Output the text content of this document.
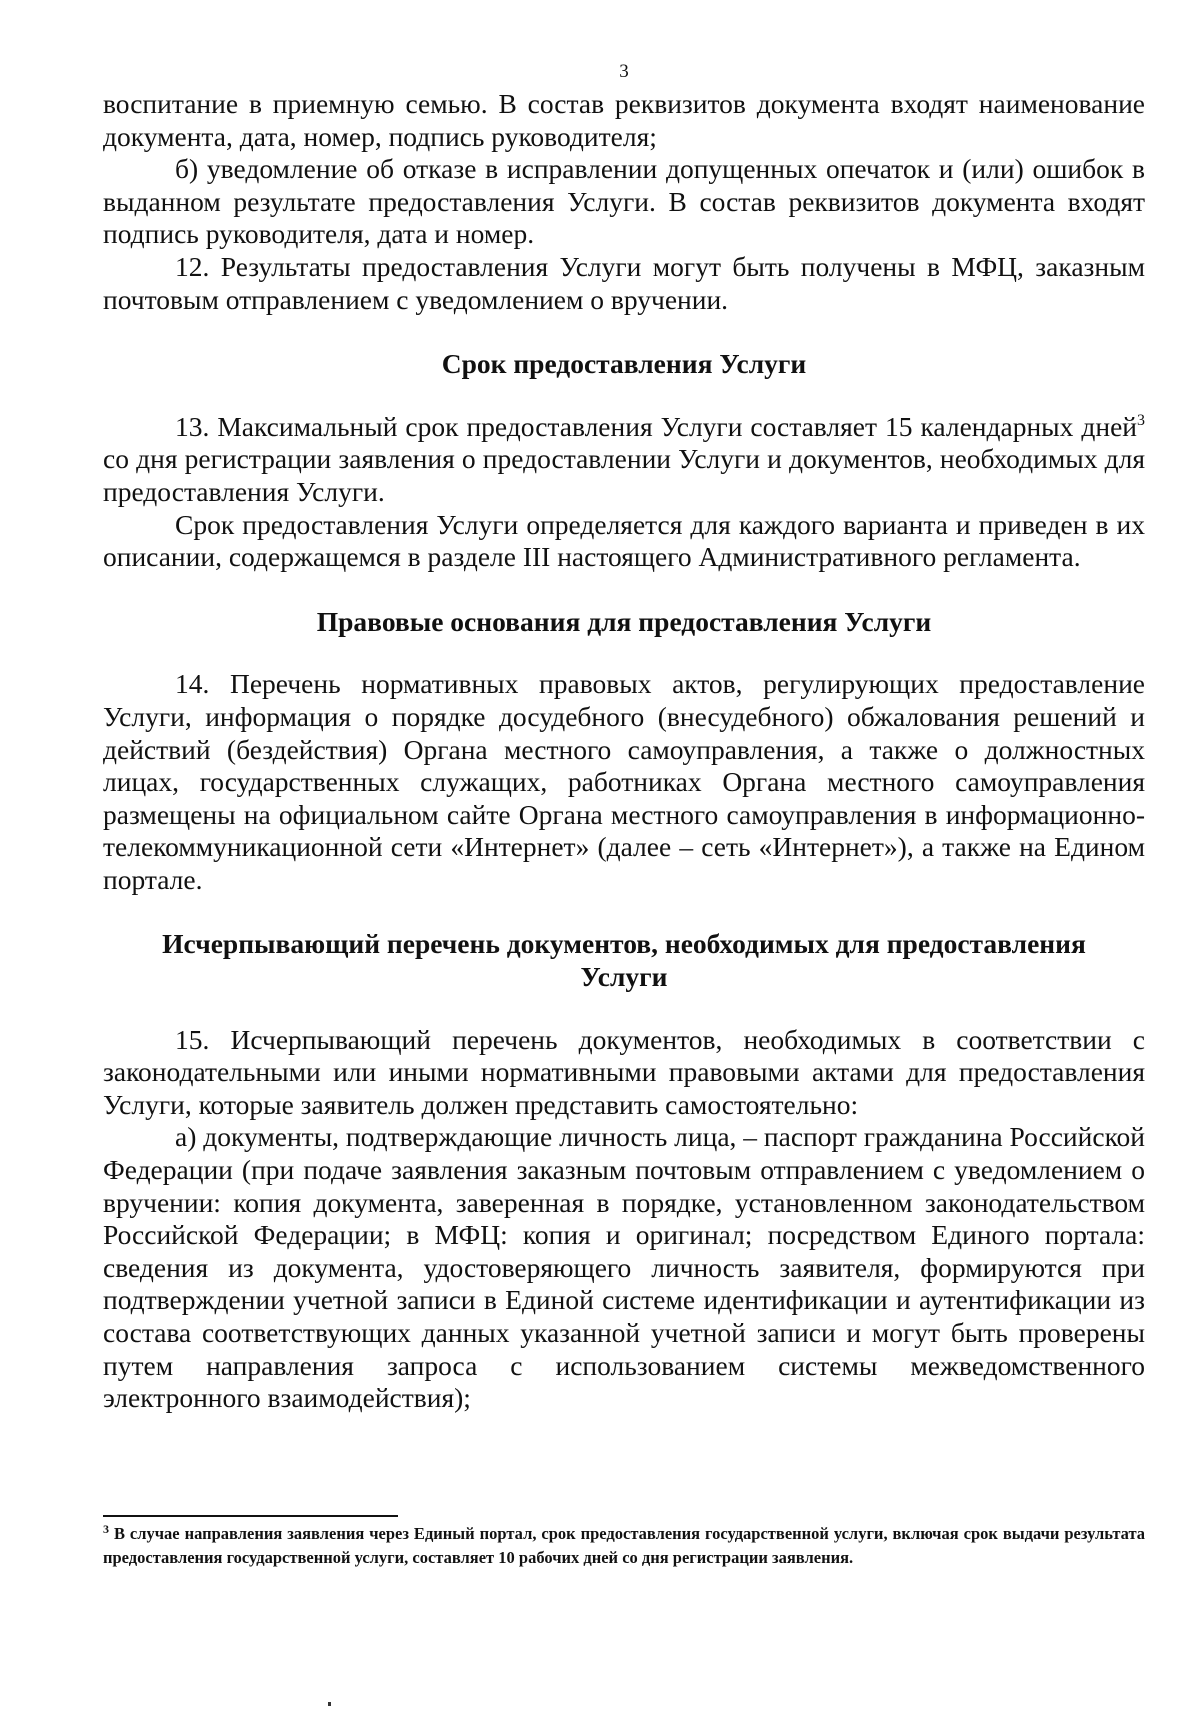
3

воспитание в приемную семью. В состав реквизитов документа входят наименование документа, дата, номер, подпись руководителя;

б) уведомление об отказе в исправлении допущенных опечаток и (или) ошибок в выданном результате предоставления Услуги. В состав реквизитов документа входят подпись руководителя, дата и номер.

12. Результаты предоставления Услуги могут быть получены в МФЦ, заказным почтовым отправлением с уведомлением о вручении.

Срок предоставления Услуги

13. Максимальный срок предоставления Услуги составляет 15 календарных дней$^3$ со дня регистрации заявления о предоставлении Услуги и документов, необходимых для предоставления Услуги.

Срок предоставления Услуги определяется для каждого варианта и приведен в их описании, содержащемся в разделе III настоящего Административного регламента.

Правовые основания для предоставления Услуги

14. Перечень нормативных правовых актов, регулирующих предоставление Услуги, информация о порядке досудебного (внесудебного) обжалования решений и действий (бездействия) Органа местного самоуправления, а также о должностных лицах, государственных служащих, работниках Органа местного самоуправления размещены на официальном сайте Органа местного самоуправления в информационно-телекоммуникационной сети «Интернет» (далее – сеть «Интернет»), а также на Едином портале.

Исчерпывающий перечень документов, необходимых для предоставления
Услуги

15. Исчерпывающий перечень документов, необходимых в соответствии с законодательными или иными нормативными правовыми актами для предоставления Услуги, которые заявитель должен представить самостоятельно:

а) документы, подтверждающие личность лица, – паспорт гражданина Российской Федерации (при подаче заявления заказным почтовым отправлением с уведомлением о вручении: копия документа, заверенная в порядке, установленном законодательством Российской Федерации; в МФЦ: копия и оригинал; посредством Единого портала: сведения из документа, удостоверяющего личность заявителя, формируются при подтверждении учетной записи в Единой системе идентификации и аутентификации из состава соответствующих данных указанной учетной записи и могут быть проверены путем направления запроса с использованием системы межведомственного электронного взаимодействия);

$^3$ В случае направления заявления через Единый портал, срок предоставления государственной услуги, включая срок выдачи результата предоставления государственной услуги, составляет 10 рабочих дней со дня регистрации заявления.
